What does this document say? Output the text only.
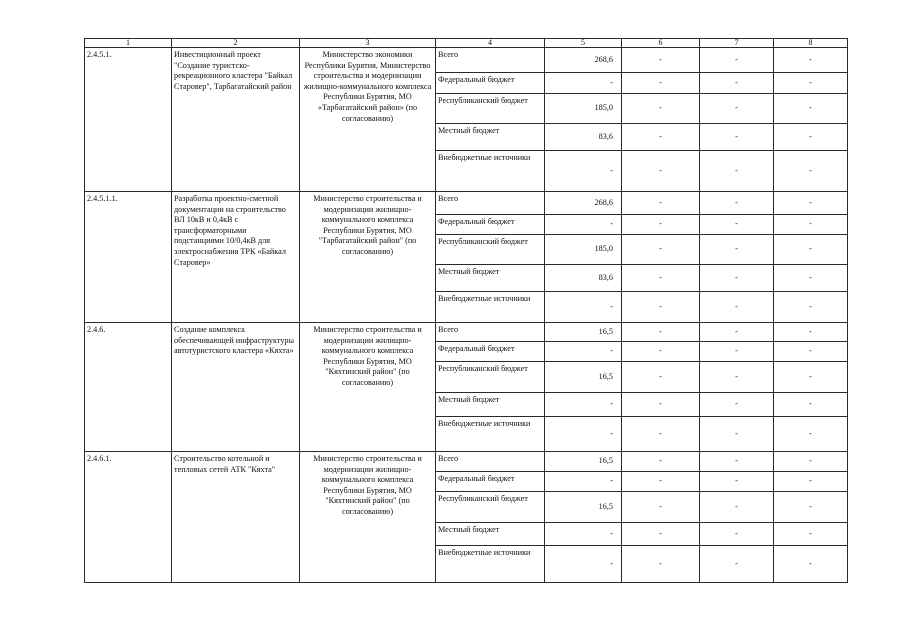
1	2	3	4	5	6	7	8
2.4.5.1.	Инвестиционный проект "Создание туристско-рекреационного кластера "Байкал Старовер", Тарбагатайский район	Министерство экономики Республики Бурятия, Министерство строительства и модернизации жилищно-коммунального комплекса Республики Бурятия, МО «Тарбагатайский район» (по согласованию)	Всего	268,6	-	-	-
			Федеральный бюджет	-	-	-	-
			Республиканский бюджет	185,0	-	-	-
			Местный бюджет	83,6	-	-	-
			Внебюджетные источники	-	-	-	-
2.4.5.1.1.	Разработка проектно-сметной документации на строительство ВЛ 10кВ и 0,4кВ с трансформаторными подстанциями 10/0,4кВ для электроснабжения ТРК «Байкал Старовер»	Министерство строительства и модернизации жилищно-коммунального комплекса Республики Бурятия, МО "Тарбагатайский район" (по согласованию)	Всего	268,6	-	-	-
			Федеральный бюджет	-	-	-	-
			Республиканский бюджет	185,0	-	-	-
			Местный бюджет	83,6	-	-	-
			Внебюджетные источники	-	-	-	-
2.4.6.	Создание комплекса обеспечивающей инфраструктуры автотуристского кластера «Кяхта»	Министерство строительства и модернизации жилищно-коммунального комплекса Республики Бурятия, МО "Кяхтинский район" (по согласованию)	Всего	16,5	-	-	-
			Федеральный бюджет	-	-	-	-
			Республиканский бюджет	16,5	-	-	-
			Местный бюджет	-	-	-	-
			Внебюджетные источники	-	-	-	-
2.4.6.1.	Строительство котельной и тепловых сетей АТК "Кяхта"	Министерство строительства и модернизации жилищно-коммунального комплекса Республики Бурятия, МО "Кяхтинский район" (по согласованию)	Всего	16,5	-	-	-
			Федеральный бюджет	-	-	-	-
			Республиканский бюджет	16,5	-	-	-
			Местный бюджет	-	-	-	-
			Внебюджетные источники	-	-	-	-
